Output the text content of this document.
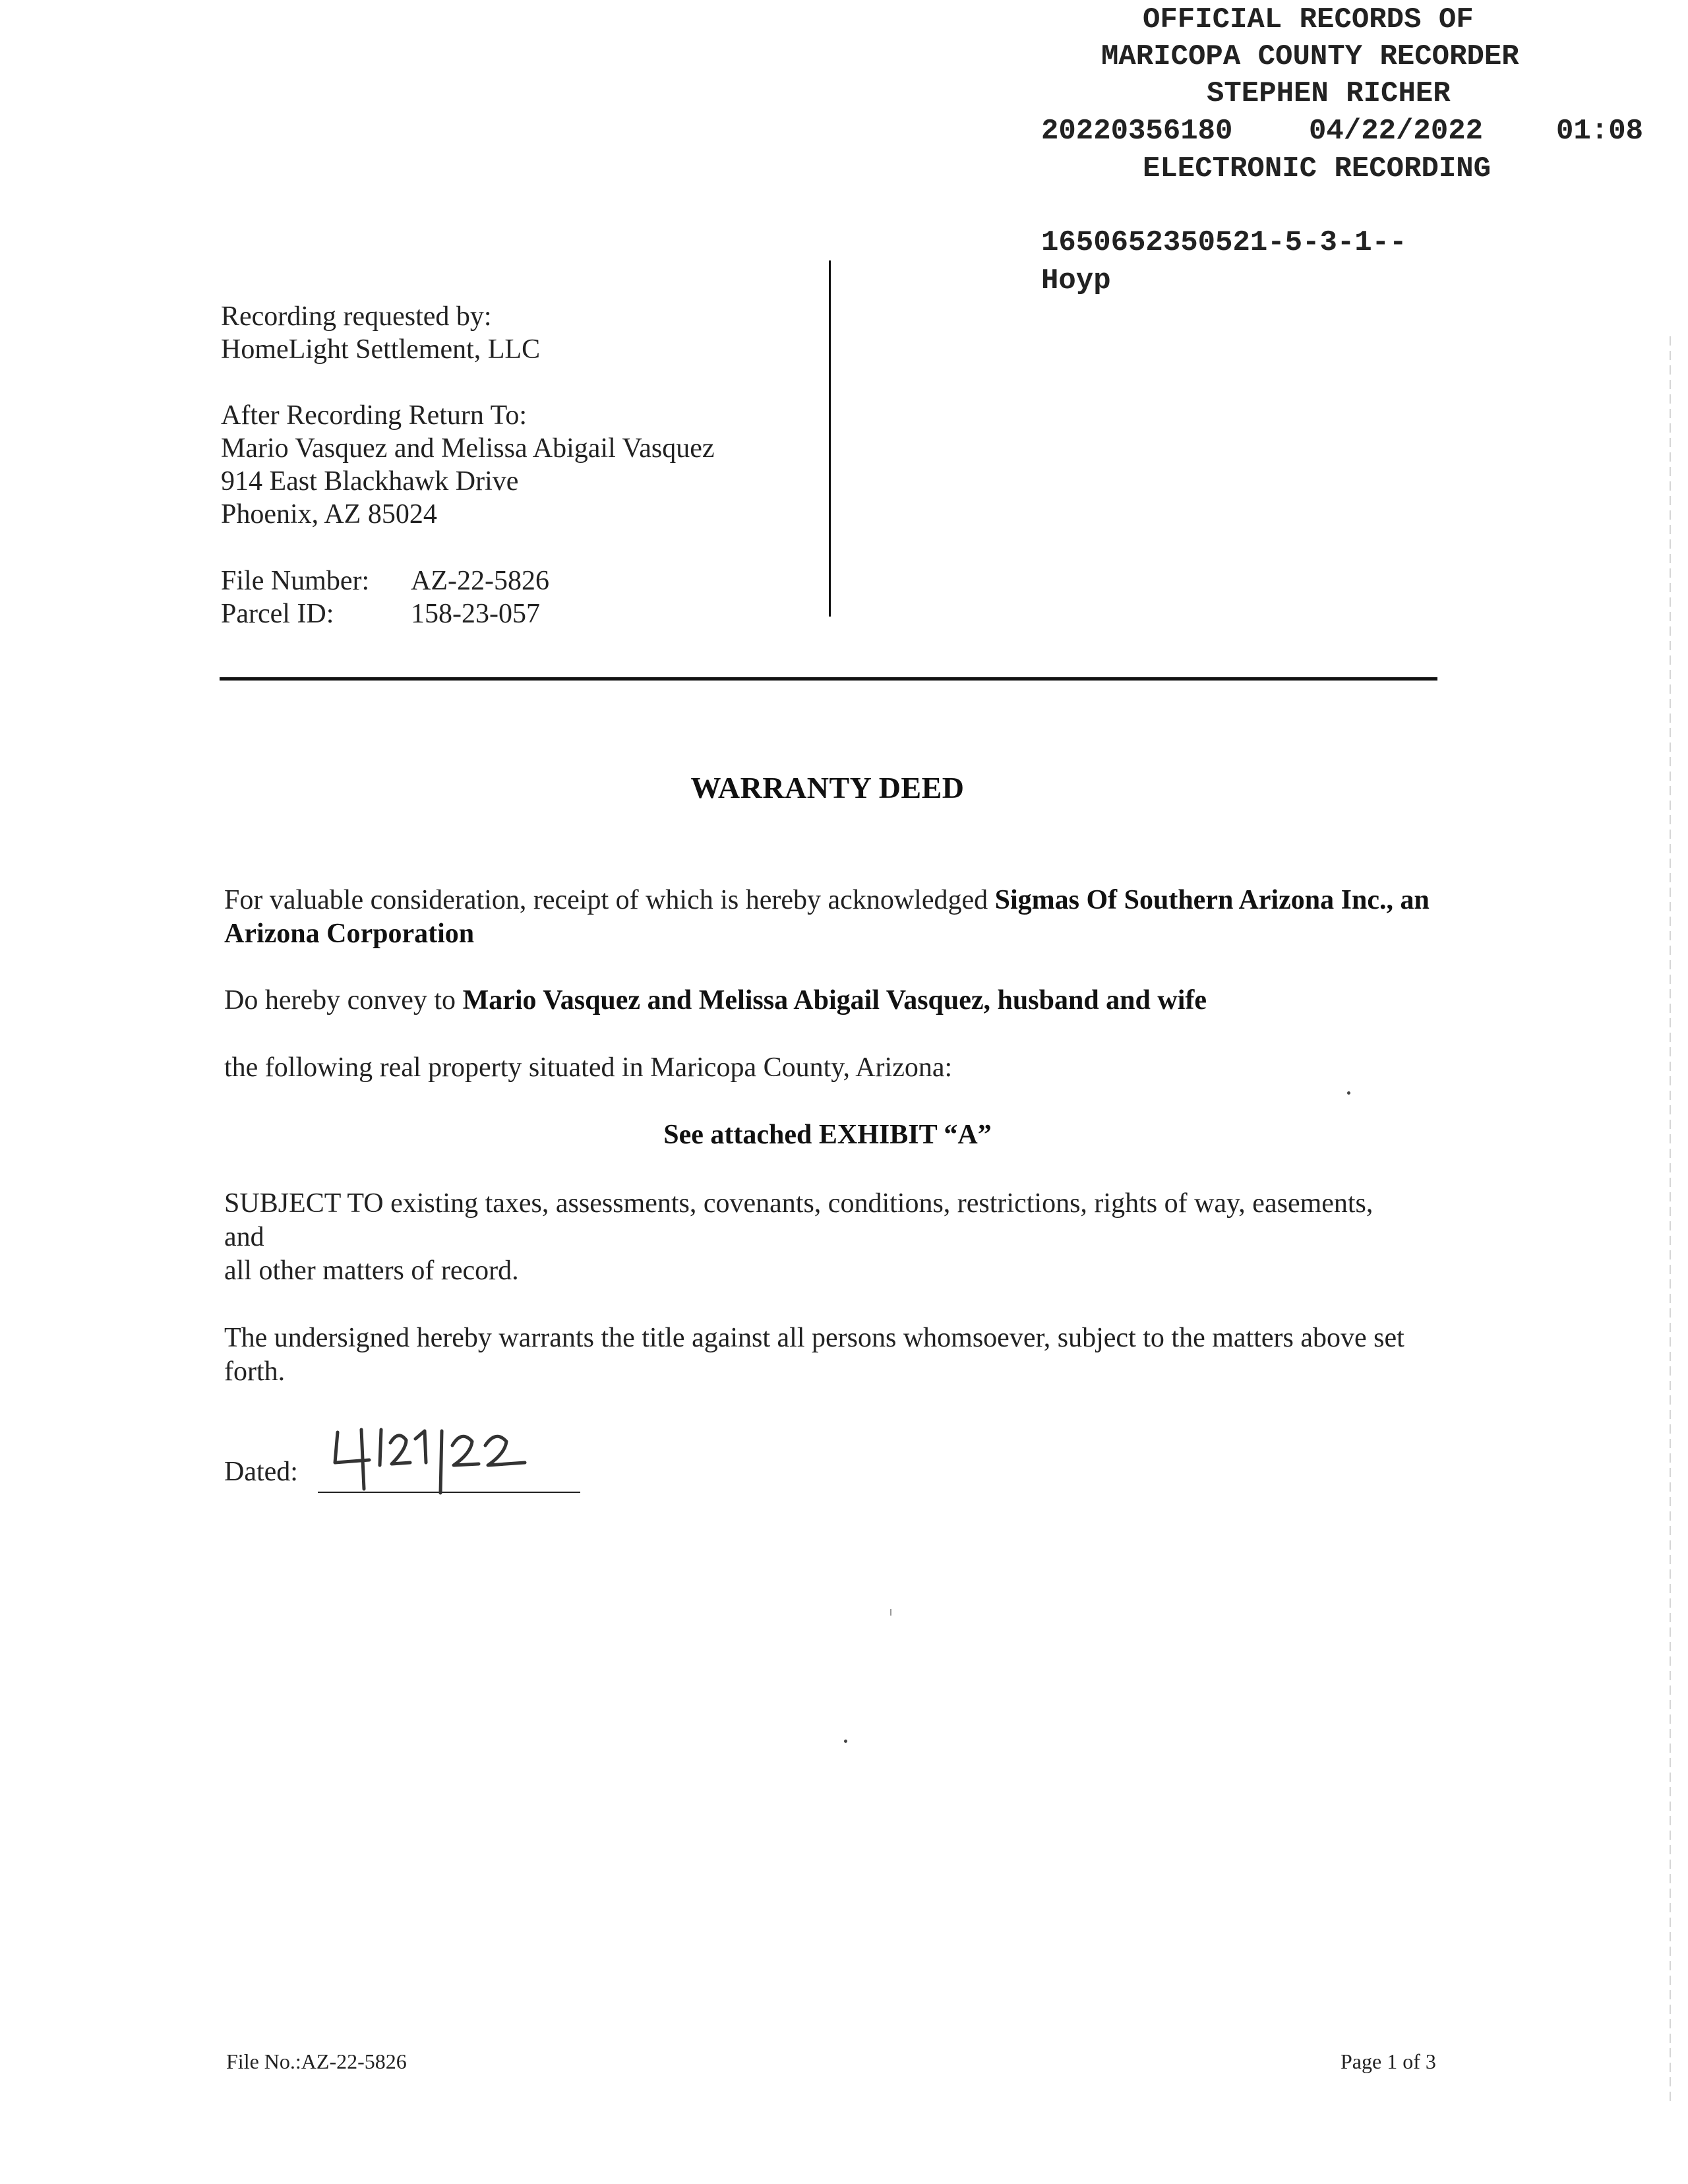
OFFICIAL RECORDS OF

MARICOPA COUNTY RECORDER

STEPHEN RICHER

20220356180

	04/22/2022

	01:08

ELECTRONIC RECORDING

1650652350521-5-3-1--

Hoyp

Recording requested by:
HomeLight Settlement, LLC
After Recording Return To:
Mario Vasquez and Melissa Abigail Vasquez
914 East Blackhawk Drive
Phoenix, AZ 85024
File Number: AZ-22-5826
Parcel ID:	158-23-057
WARRANTY DEED
For valuable consideration, receipt of which is hereby acknowledged Sigmas Of Southern Arizona Inc., an Arizona Corporation
Do hereby convey to Mario Vasquez and Melissa Abigail Vasquez, husband and wife
the following real property situated in Maricopa County, Arizona:
See attached EXHIBIT “A”
SUBJECT TO existing taxes, assessments, covenants, conditions, restrictions, rights of way, easements,
and
all other matters of record.
The undersigned hereby warrants the title against all persons whomsoever, subject to the matters above set forth.
Dated:
File No.:AZ-22-5826	Page 1 of 3
